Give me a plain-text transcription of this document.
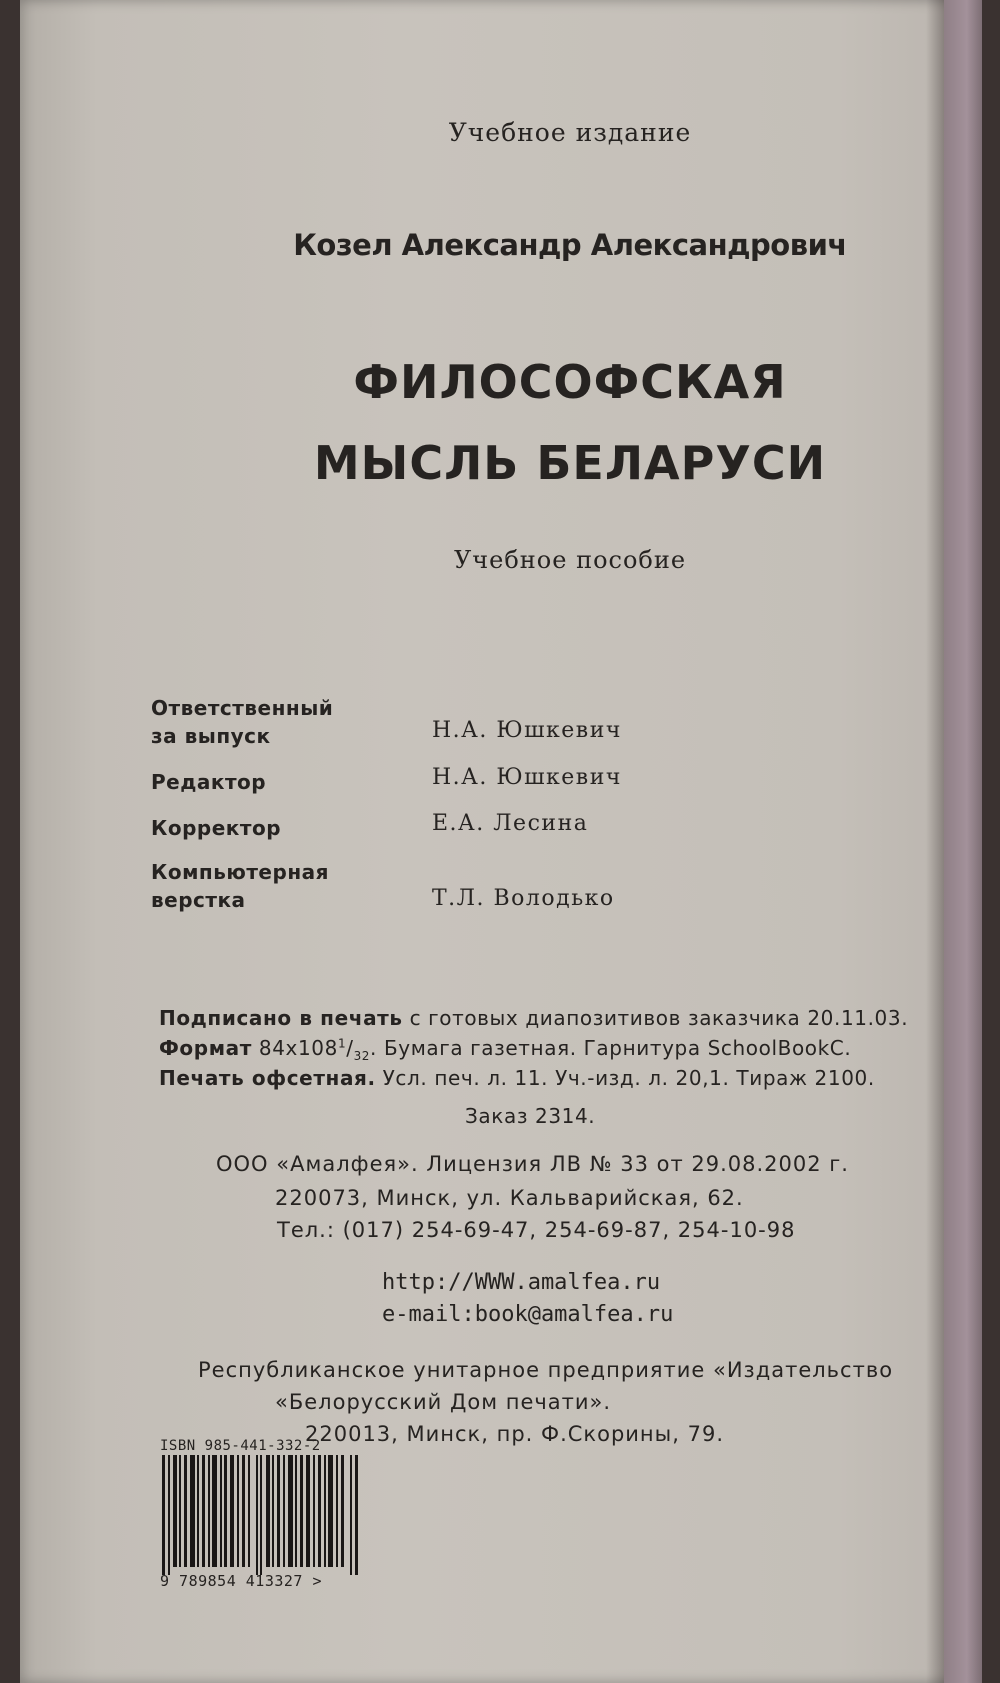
Учебное издание
Козел Александр Александрович
ФИЛОСОФСКАЯ
МЫСЛЬ БЕЛАРУСИ
Учебное пособие
Ответственный
за выпуск	Н.А. Юшкевич
Редактор	Н.А. Юшкевич
Корректор	Е.А. Лесина
Компьютерная
верстка	Т.Л. Володько
Подписано в печать с готовых диапозитивов заказчика 20.11.03.
Формат $84х108^1/_{32}$. Бумага газетная. Гарнитура SchoolBookC.
Печать офсетная. Усл. печ. л. 11. Уч.-изд. л. 20,1. Тираж 2100.
Заказ 2314.
ООО «Амалфея». Лицензия ЛВ № 33 от 29.08.2002 г.
220073, Минск, ул. Кальварийская, 62.
Тел.: (017) 254-69-47, 254-69-87, 254-10-98
http://WWW.amalfea.ru
e-mail:book@amalfea.ru
Республиканское унитарное предприятие «Издательство
«Белорусский Дом печати».
220013, Минск, пр. Ф.Скорины, 79.
ISBN 985-441-332-2
9 789854 413327 >
